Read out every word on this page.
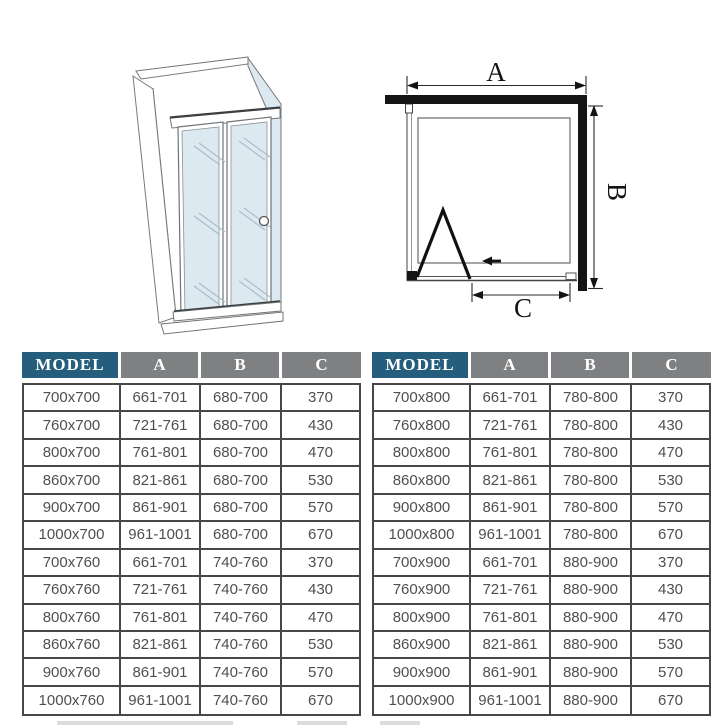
A
B
C
MODEL	A	B	C
700x700	661-701	680-700	370
760x700	721-761	680-700	430
800x700	761-801	680-700	470
860x700	821-861	680-700	530
900x700	861-901	680-700	570
1000x700	961-1001	680-700	670
700x760	661-701	740-760	370
760x760	721-761	740-760	430
800x760	761-801	740-760	470
860x760	821-861	740-760	530
900x760	861-901	740-760	570
1000x760	961-1001	740-760	670
MODEL	A	B	C
700x800	661-701	780-800	370
760x800	721-761	780-800	430
800x800	761-801	780-800	470
860x800	821-861	780-800	530
900x800	861-901	780-800	570
1000x800	961-1001	780-800	670
700x900	661-701	880-900	370
760x900	721-761	880-900	430
800x900	761-801	880-900	470
860x900	821-861	880-900	530
900x900	861-901	880-900	570
1000x900	961-1001	880-900	670
